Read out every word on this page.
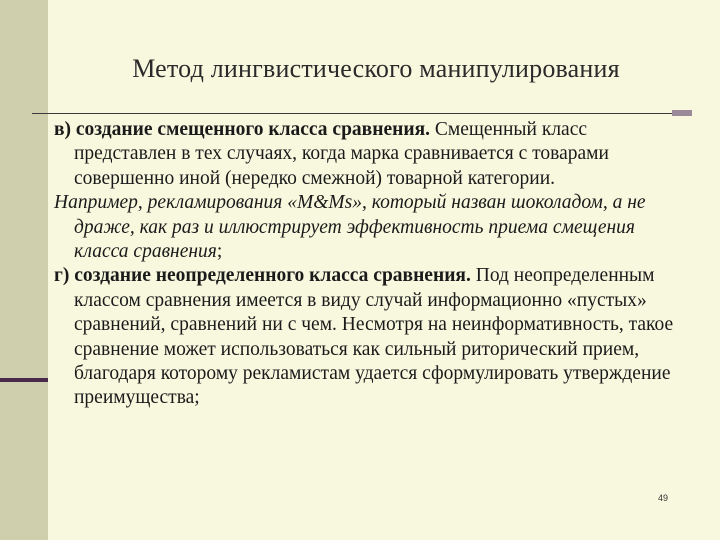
Метод лингвистического манипулирования

в) создание смещенного класса сравнения. Смещенный класс представлен в тех случаях, когда марка сравнивается с товарами совершенно иной (нередко смежной) товарной категории.

Например, рекламирования «M&Ms», который назван шоколадом, а не драже, как раз и иллюстрирует эффективность приема смещения класса сравнения;

г) создание неопределенного класса сравнения. Под неопределенным классом сравнения имеется в виду случай информационно «пустых» сравнений, сравнений ни с чем. Несмотря на неинформативность, такое сравнение может использоваться как сильный риторический прием, благодаря которому рекламистам удается сформулировать утверждение преимущества;

49
